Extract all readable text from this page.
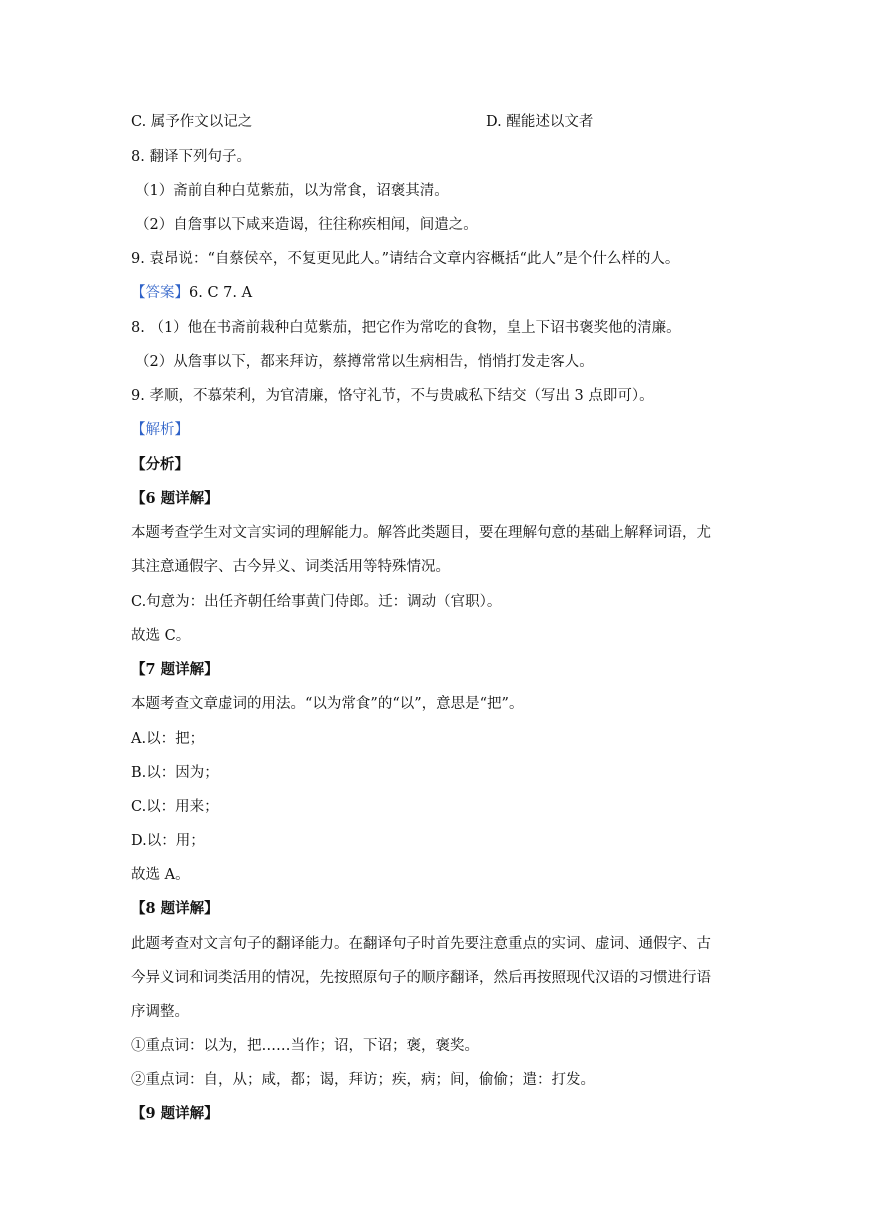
C. 属予作文以记之	D. 醒能述以文者
8. 翻译下列句子。
（1）斋前自种白苋紫茄，以为常食，诏褒其清。
（2）自詹事以下咸来造谒，往往称疾相闻，间遣之。
9. 袁昂说：“自蔡侯卒，不复更见此人。”请结合文章内容概括“此人”是个什么样的人。
【答案】6. C 7. A
8. （1）他在书斋前栽种白苋紫茄，把它作为常吃的食物，皇上下诏书褒奖他的清廉。
（2）从詹事以下，都来拜访，蔡撙常常以生病相告，悄悄打发走客人。
9. 孝顺，不慕荣利，为官清廉，恪守礼节，不与贵戚私下结交（写出 3 点即可）。
【解析】
【分析】
【6 题详解】
本题考查学生对文言实词的理解能力。解答此类题目，要在理解句意的基础上解释词语，尤
其注意通假字、古今异义、词类活用等特殊情况。
C.句意为：出任齐朝任给事黄门侍郎。迁：调动（官职）。
故选 C。
【7 题详解】
本题考查文章虚词的用法。“以为常食”的“以”，意思是“把”。
A.以：把；
B.以：因为；
C.以：用来；
D.以：用；
故选 A。
【8 题详解】
此题考查对文言句子的翻译能力。在翻译句子时首先要注意重点的实词、虚词、通假字、古
今异义词和词类活用的情况，先按照原句子的顺序翻译，然后再按照现代汉语的习惯进行语
序调整。
①重点词：以为，把……当作；诏，下诏；褒，褒奖。
②重点词：自，从；咸，都；谒，拜访；疾，病；间，偷偷；遣：打发。
【9 题详解】
